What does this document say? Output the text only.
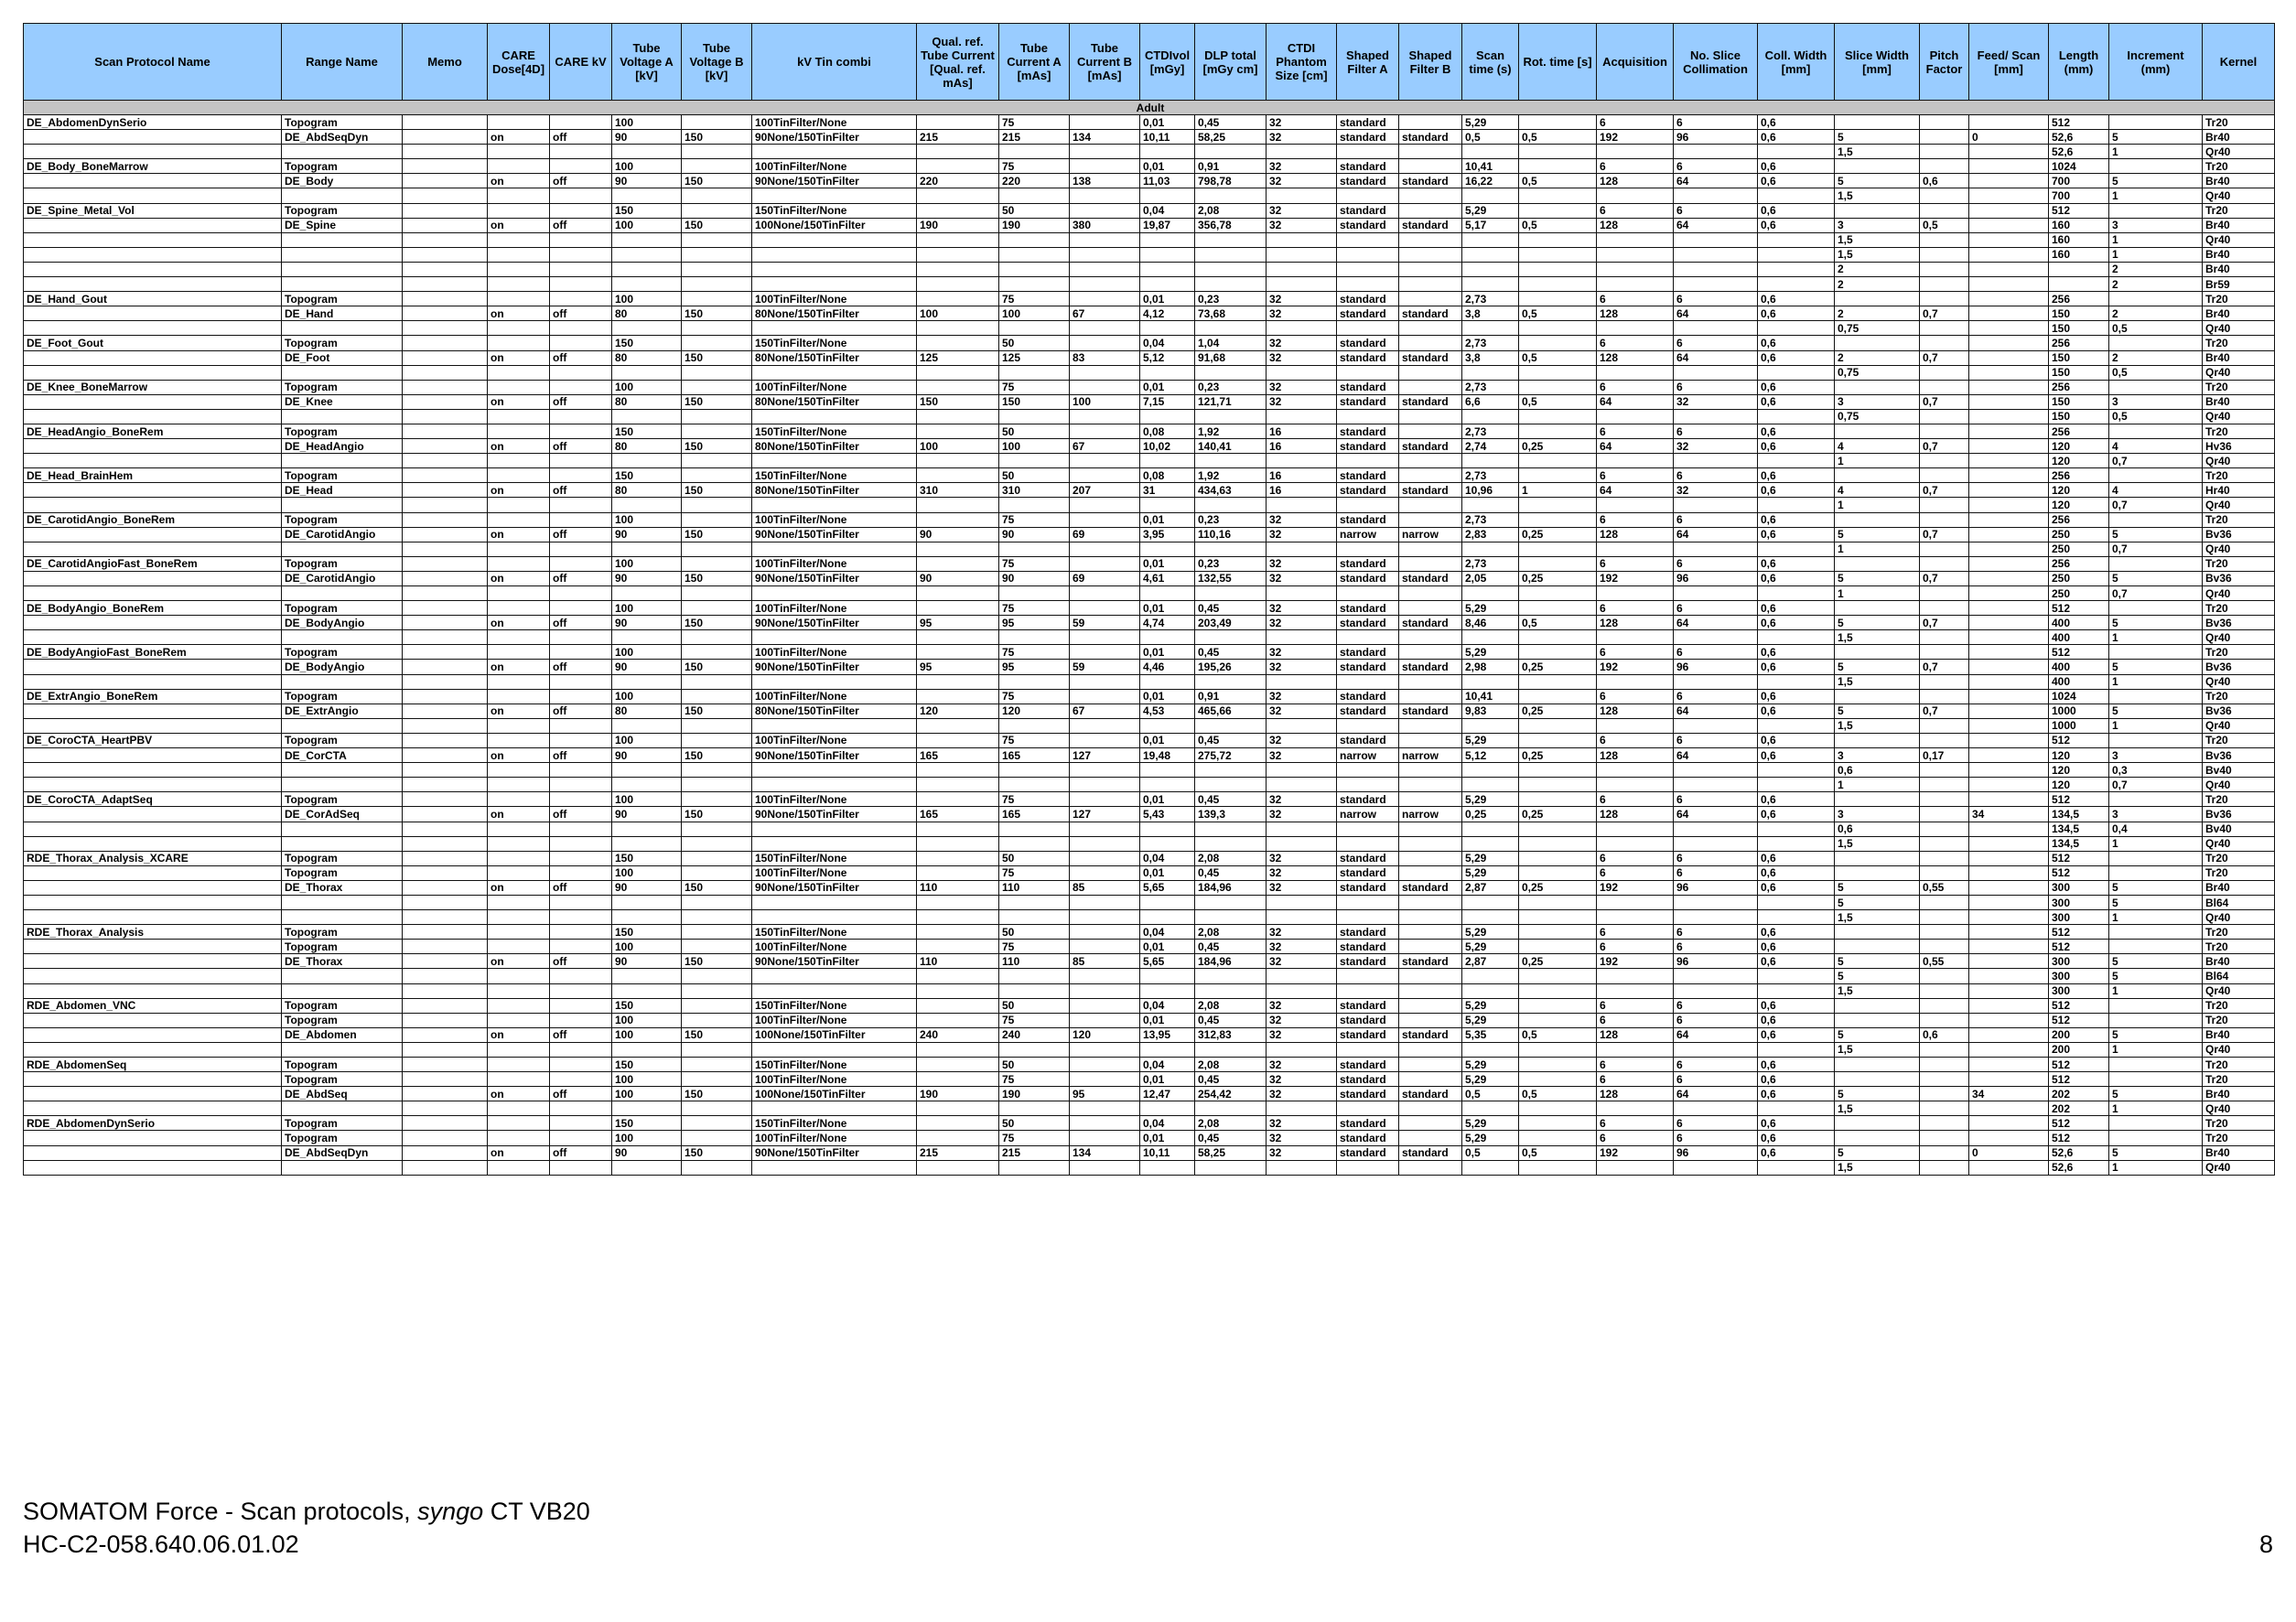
Scan Protocol Name	Range Name	Memo	CARE Dose[4D]	CARE kV	Tube Voltage A [kV]	Tube Voltage B [kV]	kV Tin combi	Qual. ref. Tube Current [Qual. ref. mAs]	Tube Current A [mAs]	Tube Current B [mAs]	CTDIvol [mGy]	DLP total [mGy cm]	CTDI Phantom Size [cm]	Shaped Filter A	Shaped Filter B	Scan time (s)	Rot. time [s]	Acquisition	No. Slice Collimation	Coll. Width [mm]	Slice Width [mm]	Pitch Factor	Feed/ Scan [mm]	Length (mm)	Increment (mm)	Kernel
Adult																										
DE_AbdomenDynSerio	Topogram				100		100TinFilter/None		75		0,01	0,45	32	standard		5,29		6	6	0,6				512		Tr20
	DE_AbdSeqDyn		on	off	90	150	90None/150TinFilter	215	215	134	10,11	58,25	32	standard	standard	0,5	0,5	192	96	0,6	5		0	52,6	5	Br40
																					1,5			52,6	1	Qr40
DE_Body_BoneMarrow	Topogram				100		100TinFilter/None		75		0,01	0,91	32	standard		10,41		6	6	0,6				1024		Tr20
	DE_Body		on	off	90	150	90None/150TinFilter	220	220	138	11,03	798,78	32	standard	standard	16,22	0,5	128	64	0,6	5	0,6		700	5	Br40
																					1,5			700	1	Qr40
DE_Spine_Metal_Vol	Topogram				150		150TinFilter/None		50		0,04	2,08	32	standard		5,29		6	6	0,6				512		Tr20
	DE_Spine		on	off	100	150	100None/150TinFilter	190	190	380	19,87	356,78	32	standard	standard	5,17	0,5	128	64	0,6	3	0,5		160	3	Br40
																					1,5			160	1	Qr40
																					1,5			160	1	Br40
																					2				2	Br40
																					2				2	Br59
DE_Hand_Gout	Topogram				100		100TinFilter/None		75		0,01	0,23	32	standard		2,73		6	6	0,6				256		Tr20
	DE_Hand		on	off	80	150	80None/150TinFilter	100	100	67	4,12	73,68	32	standard	standard	3,8	0,5	128	64	0,6	2	0,7		150	2	Br40
																					0,75			150	0,5	Qr40
DE_Foot_Gout	Topogram				150		150TinFilter/None		50		0,04	1,04	32	standard		2,73		6	6	0,6				256		Tr20
	DE_Foot		on	off	80	150	80None/150TinFilter	125	125	83	5,12	91,68	32	standard	standard	3,8	0,5	128	64	0,6	2	0,7		150	2	Br40
																					0,75			150	0,5	Qr40
DE_Knee_BoneMarrow	Topogram				100		100TinFilter/None		75		0,01	0,23	32	standard		2,73		6	6	0,6				256		Tr20
	DE_Knee		on	off	80	150	80None/150TinFilter	150	150	100	7,15	121,71	32	standard	standard	6,6	0,5	64	32	0,6	3	0,7		150	3	Br40
																					0,75			150	0,5	Qr40
DE_HeadAngio_BoneRem	Topogram				150		150TinFilter/None		50		0,08	1,92	16	standard		2,73		6	6	0,6				256		Tr20
	DE_HeadAngio		on	off	80	150	80None/150TinFilter	100	100	67	10,02	140,41	16	standard	standard	2,74	0,25	64	32	0,6	4	0,7		120	4	Hv36
																					1			120	0,7	Qr40
DE_Head_BrainHem	Topogram				150		150TinFilter/None		50		0,08	1,92	16	standard		2,73		6	6	0,6				256		Tr20
	DE_Head		on	off	80	150	80None/150TinFilter	310	310	207	31	434,63	16	standard	standard	10,96	1	64	32	0,6	4	0,7		120	4	Hr40
																					1			120	0,7	Qr40
DE_CarotidAngio_BoneRem	Topogram				100		100TinFilter/None		75		0,01	0,23	32	standard		2,73		6	6	0,6				256		Tr20
	DE_CarotidAngio		on	off	90	150	90None/150TinFilter	90	90	69	3,95	110,16	32	narrow	narrow	2,83	0,25	128	64	0,6	5	0,7		250	5	Bv36
																					1			250	0,7	Qr40
DE_CarotidAngioFast_BoneRem	Topogram				100		100TinFilter/None		75		0,01	0,23	32	standard		2,73		6	6	0,6				256		Tr20
	DE_CarotidAngio		on	off	90	150	90None/150TinFilter	90	90	69	4,61	132,55	32	standard	standard	2,05	0,25	192	96	0,6	5	0,7		250	5	Bv36
																					1			250	0,7	Qr40
DE_BodyAngio_BoneRem	Topogram				100		100TinFilter/None		75		0,01	0,45	32	standard		5,29		6	6	0,6				512		Tr20
	DE_BodyAngio		on	off	90	150	90None/150TinFilter	95	95	59	4,74	203,49	32	standard	standard	8,46	0,5	128	64	0,6	5	0,7		400	5	Bv36
																					1,5			400	1	Qr40
DE_BodyAngioFast_BoneRem	Topogram				100		100TinFilter/None		75		0,01	0,45	32	standard		5,29		6	6	0,6				512		Tr20
	DE_BodyAngio		on	off	90	150	90None/150TinFilter	95	95	59	4,46	195,26	32	standard	standard	2,98	0,25	192	96	0,6	5	0,7		400	5	Bv36
																					1,5			400	1	Qr40
DE_ExtrAngio_BoneRem	Topogram				100		100TinFilter/None		75		0,01	0,91	32	standard		10,41		6	6	0,6				1024		Tr20
	DE_ExtrAngio		on	off	80	150	80None/150TinFilter	120	120	67	4,53	465,66	32	standard	standard	9,83	0,25	128	64	0,6	5	0,7		1000	5	Bv36
																					1,5			1000	1	Qr40
DE_CoroCTA_HeartPBV	Topogram				100		100TinFilter/None		75		0,01	0,45	32	standard		5,29		6	6	0,6				512		Tr20
	DE_CorCTA		on	off	90	150	90None/150TinFilter	165	165	127	19,48	275,72	32	narrow	narrow	5,12	0,25	128	64	0,6	3	0,17		120	3	Bv36
																					0,6			120	0,3	Bv40
																					1			120	0,7	Qr40
DE_CoroCTA_AdaptSeq	Topogram				100		100TinFilter/None		75		0,01	0,45	32	standard		5,29		6	6	0,6				512		Tr20
	DE_CorAdSeq		on	off	90	150	90None/150TinFilter	165	165	127	5,43	139,3	32	narrow	narrow	0,25	0,25	128	64	0,6	3		34	134,5	3	Bv36
																					0,6			134,5	0,4	Bv40
																					1,5			134,5	1	Qr40
RDE_Thorax_Analysis_XCARE	Topogram				150		150TinFilter/None		50		0,04	2,08	32	standard		5,29		6	6	0,6				512		Tr20
	Topogram				100		100TinFilter/None		75		0,01	0,45	32	standard		5,29		6	6	0,6				512		Tr20
	DE_Thorax		on	off	90	150	90None/150TinFilter	110	110	85	5,65	184,96	32	standard	standard	2,87	0,25	192	96	0,6	5	0,55		300	5	Br40
																					5			300	5	Bl64
																					1,5			300	1	Qr40
RDE_Thorax_Analysis	Topogram				150		150TinFilter/None		50		0,04	2,08	32	standard		5,29		6	6	0,6				512		Tr20
	Topogram				100		100TinFilter/None		75		0,01	0,45	32	standard		5,29		6	6	0,6				512		Tr20
	DE_Thorax		on	off	90	150	90None/150TinFilter	110	110	85	5,65	184,96	32	standard	standard	2,87	0,25	192	96	0,6	5	0,55		300	5	Br40
																					5			300	5	Bl64
																					1,5			300	1	Qr40
RDE_Abdomen_VNC	Topogram				150		150TinFilter/None		50		0,04	2,08	32	standard		5,29		6	6	0,6				512		Tr20
	Topogram				100		100TinFilter/None		75		0,01	0,45	32	standard		5,29		6	6	0,6				512		Tr20
	DE_Abdomen		on	off	100	150	100None/150TinFilter	240	240	120	13,95	312,83	32	standard	standard	5,35	0,5	128	64	0,6	5	0,6		200	5	Br40
																					1,5			200	1	Qr40
RDE_AbdomenSeq	Topogram				150		150TinFilter/None		50		0,04	2,08	32	standard		5,29		6	6	0,6				512		Tr20
	Topogram				100		100TinFilter/None		75		0,01	0,45	32	standard		5,29		6	6	0,6				512		Tr20
	DE_AbdSeq		on	off	100	150	100None/150TinFilter	190	190	95	12,47	254,42	32	standard	standard	0,5	0,5	128	64	0,6	5		34	202	5	Br40
																					1,5			202	1	Qr40
RDE_AbdomenDynSerio	Topogram				150		150TinFilter/None		50		0,04	2,08	32	standard		5,29		6	6	0,6				512		Tr20
	Topogram				100		100TinFilter/None		75		0,01	0,45	32	standard		5,29		6	6	0,6				512		Tr20
	DE_AbdSeqDyn		on	off	90	150	90None/150TinFilter	215	215	134	10,11	58,25	32	standard	standard	0,5	0,5	192	96	0,6	5		0	52,6	5	Br40
																					1,5			52,6	1	Qr40
SOMATOM Force - Scan protocols, syngo CT VB20
HC-C2-058.640.06.01.02	8
